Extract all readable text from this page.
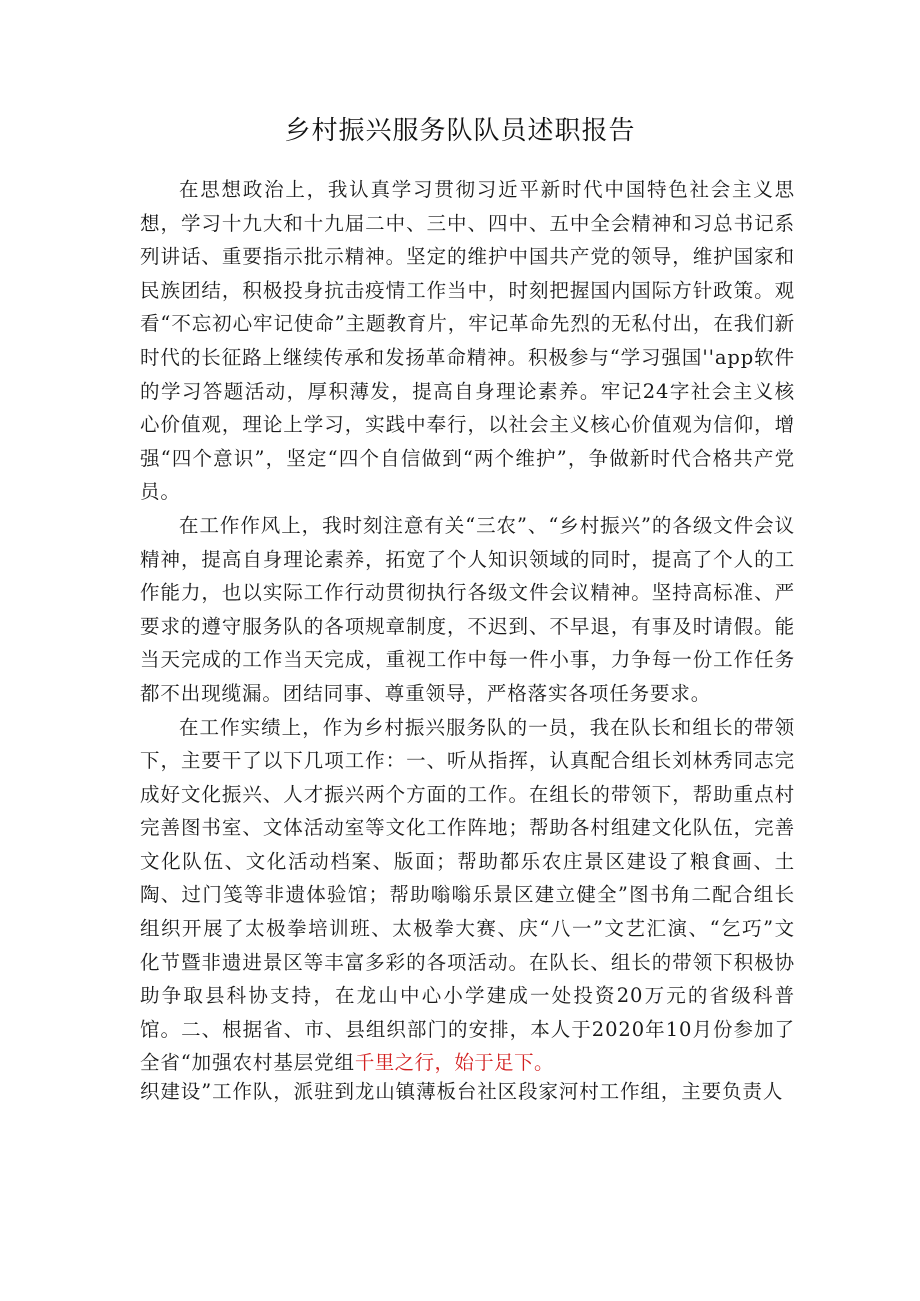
乡村振兴服务队队员述职报告

在思想政治上，我认真学习贯彻习近平新时代中国特色社会主义思想，学习十九大和十九届二中、三中、四中、五中全会精神和习总书记系列讲话、重要指示批示精神。坚定的维护中国共产党的领导，维护国家和民族团结，积极投身抗击疫情工作当中，时刻把握国内国际方针政策。观看“不忘初心牢记使命”主题教育片，牢记革命先烈的无私付出，在我们新时代的长征路上继续传承和发扬革命精神。积极参与“学习强国''app软件的学习答题活动，厚积薄发，提高自身理论素养。牢记24字社会主义核心价值观，理论上学习，实践中奉行，以社会主义核心价值观为信仰，增强“四个意识”，坚定“四个自信做到“两个维护”，争做新时代合格共产党员。

在工作作风上，我时刻注意有关“三农”、“乡村振兴”的各级文件会议精神，提高自身理论素养，拓宽了个人知识领域的同时，提高了个人的工作能力，也以实际工作行动贯彻执行各级文件会议精神。坚持高标准、严要求的遵守服务队的各项规章制度，不迟到、不早退，有事及时请假。能当天完成的工作当天完成，重视工作中每一件小事，力争每一份工作任务都不出现缆漏。团结同事、尊重领导，严格落实各项任务要求。

在工作实绩上，作为乡村振兴服务队的一员，我在队长和组长的带领下，主要干了以下几项工作：一、听从指挥，认真配合组长刘林秀同志完成好文化振兴、人才振兴两个方面的工作。在组长的带领下，帮助重点村完善图书室、文体活动室等文化工作阵地；帮助各村组建文化队伍，完善文化队伍、文化活动档案、版面；帮助都乐农庄景区建设了粮食画、土陶、过门笺等非遗体验馆；帮助嗡嗡乐景区建立健全”图书角二配合组长组织开展了太极拳培训班、太极拳大赛、庆“八一”文艺汇演、“乞巧”文化节暨非遗进景区等丰富多彩的各项活动。在队长、组长的带领下积极协助争取县科协支持，在龙山中心小学建成一处投资20万元的省级科普馆。二、根据省、市、县组织部门的安排，本人于2020年10月份参加了全省“加强农村基层党组千里之行，始于足下。

织建设”工作队，派驻到龙山镇薄板台社区段家河村工作组，主要负责人
